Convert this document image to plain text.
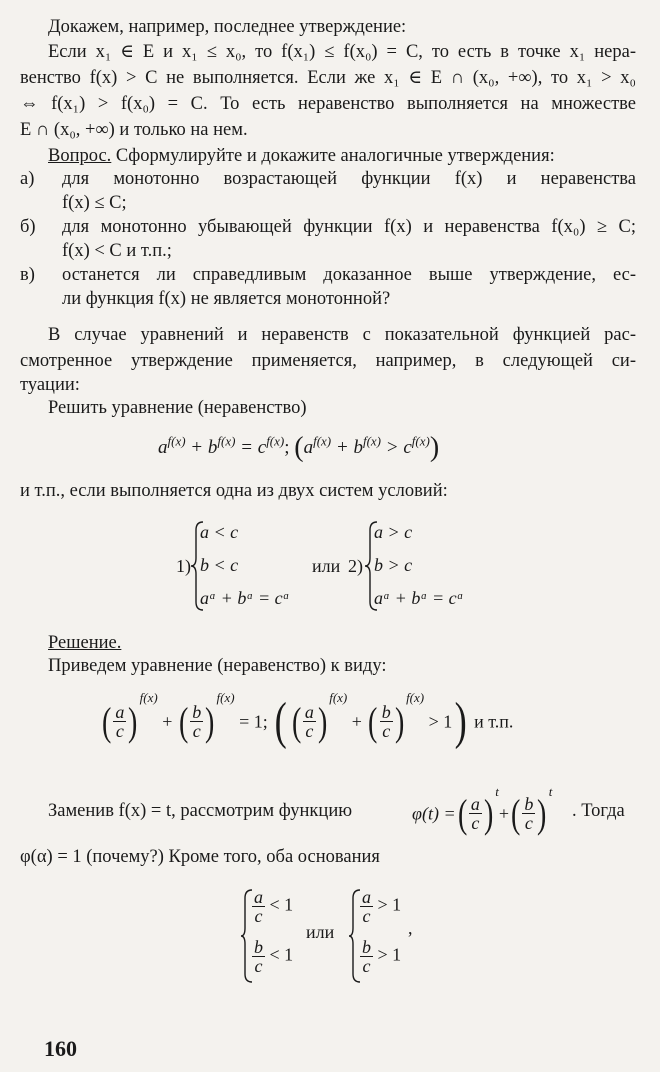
Докажем, например, последнее утверждение:
Если x₁ ∈ E и x₁ ≤ x₀, то f(x₁) ≤ f(x₀) = C, то есть в точке x₁ нера-
венство f(x) > C не выполняется. Если же x₁ ∈ E ∩ (x₀, +∞), то x₁ > x₀
⇔ f(x₁) > f(x₀) = C. То есть неравенство выполняется на множестве
E ∩ (x₀, +∞) и только на нем.
Вопрос. Сформулируйте и докажите аналогичные утверждения:
а) для монотонно возрастающей функции f(x) и неравенства
f(x) ≤ C;
б) для монотонно убывающей функции f(x) и неравенства f(x₀) ≥ C;
f(x) < C и т.п.;
в) останется ли справедливым доказанное выше утверждение, ес-
ли функция f(x) не является монотонной?
В случае уравнений и неравенств с показательной функцией рас-
смотренное утверждение применяется, например, в следующей си-
туации:
Решить уравнение (неравенство)
$a^{f(x)} + b^{f(x)} = c^{f(x)}$; $(a^{f(x)} + b^{f(x)} > c^{f(x)})$
и т.п., если выполняется одна из двух систем условий:
1)
a < c
b < c
aᵅ + bᵅ = cᵅ
или 2)
a > c
b > c
aᵅ + bᵅ = cᵅ
Решение.
Приведем уравнение (неравенство) к виду:
( $\frac{a}{c} )^{f(x)}$ + ( $\frac{b}{c} )^{f(x)} = 1$; ( ( $\frac{a}{c} )^{f(x)}$ + ( $\frac{b}{c} )^{f(x)} > 1$) и т.п.
Заменив f(x) = t, рассмотрим функцию	φ(t) =( $\frac{a}{c}$ ) $^t+( \frac{b}{c}$ ) $^t$
. Тогда
φ(α) = 1 (почему?) Кроме того, оба основания
$\frac{a}{c} < 1$
$\frac{b}{c} < 1$
или
$\frac{a}{c} > 1$
$\frac{b}{c} > 1$
,
160
